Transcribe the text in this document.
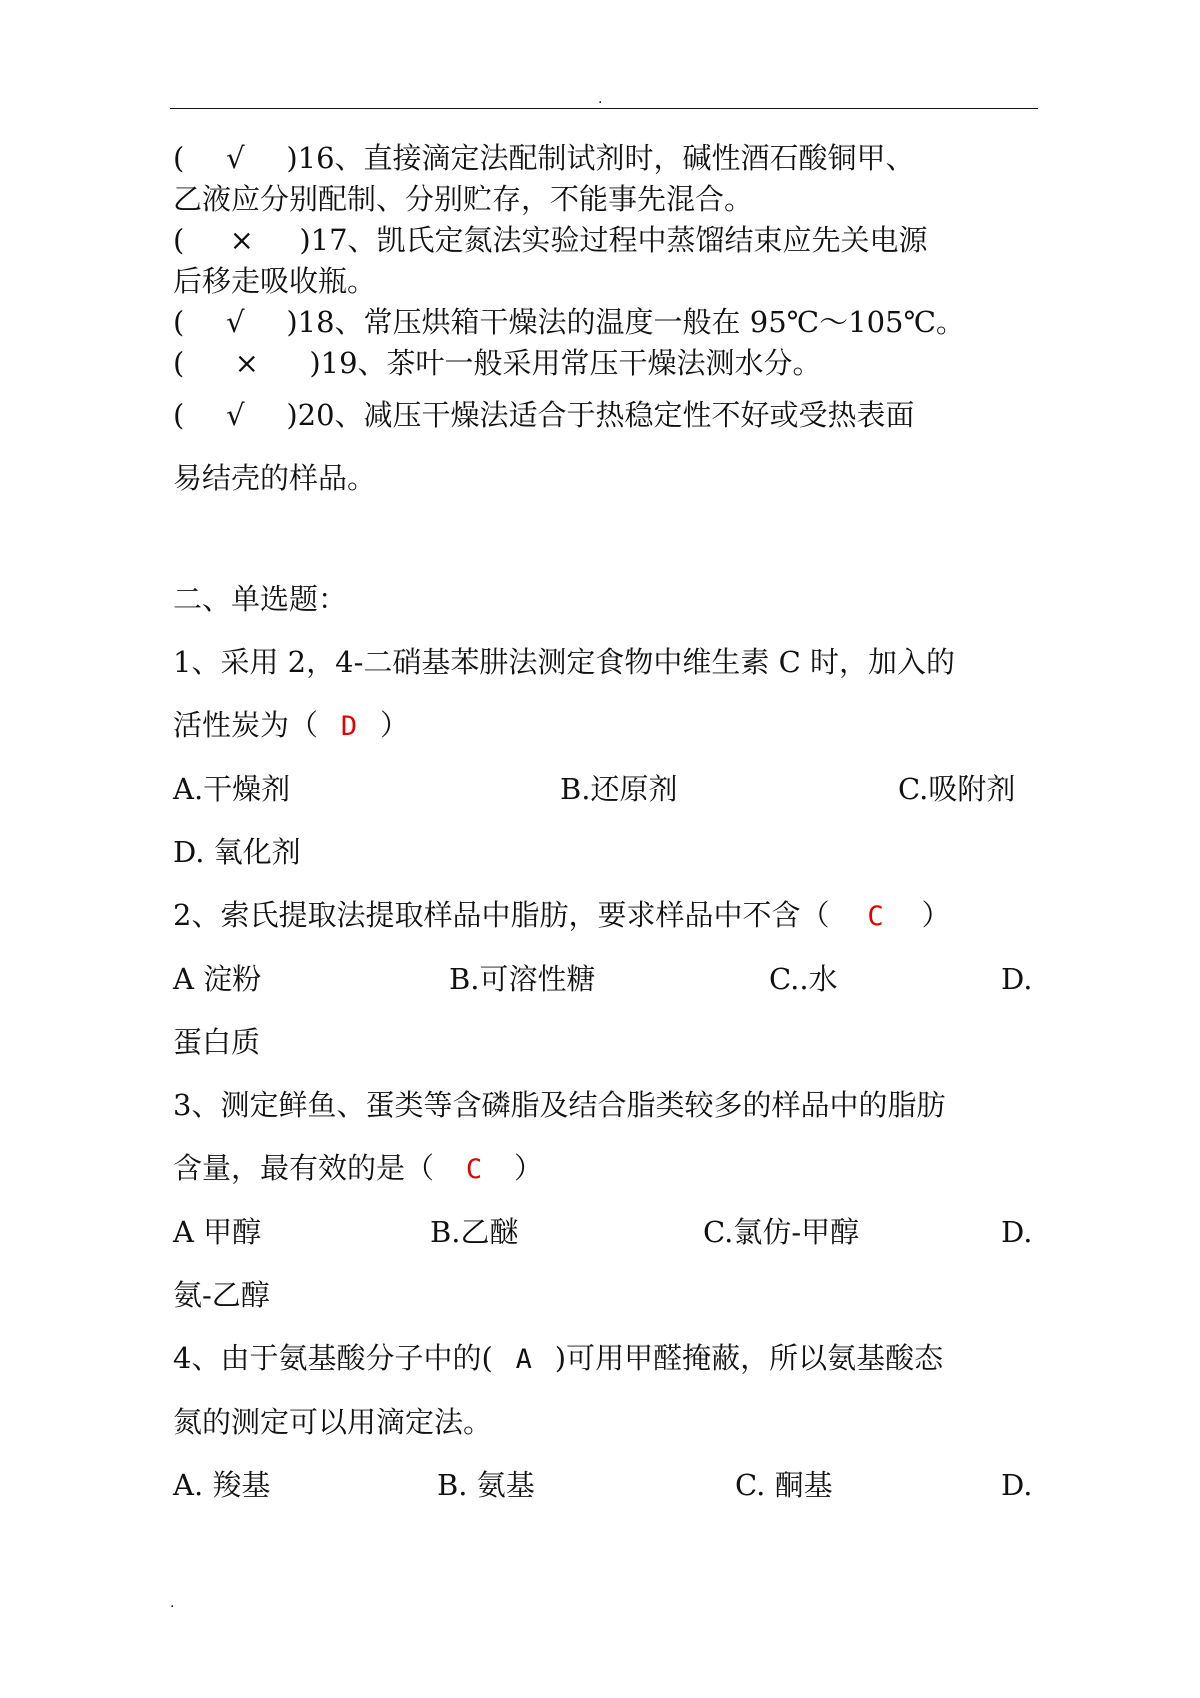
.
( √ )16、直接滴定法配制试剂时，碱性酒石酸铜甲、
乙液应分别配制、分别贮存，不能事先混合。
( × )17、凯氏定氮法实验过程中蒸馏结束应先关电源
后移走吸收瓶。
( √ )18、常压烘箱干燥法的温度一般在 95℃～105℃。
( × )19、茶叶一般采用常压干燥法测水分。
( √ )20、减压干燥法适合于热稳定性不好或受热表面
易结壳的样品。
二、单选题：
1、采用 2，4-二硝基苯肼法测定食物中维生素 C 时，加入的
活性炭为（ D ）
A.干燥剂	B.还原剂	C.吸附剂
D. 氧化剂
2、索氏提取法提取样品中脂肪，要求样品中不含（ C ）
A 淀粉	B.可溶性糖	C..水	D.
蛋白质
3、测定鲜鱼、蛋类等含磷脂及结合脂类较多的样品中的脂肪
含量，最有效的是（ C ）
A 甲醇	B.乙醚	C.氯仿-甲醇	D.
氨-乙醇
4、由于氨基酸分子中的( A )可用甲醛掩蔽，所以氨基酸态
氮的测定可以用滴定法。
A. 羧基	B. 氨基	C. 酮基	D.
.
